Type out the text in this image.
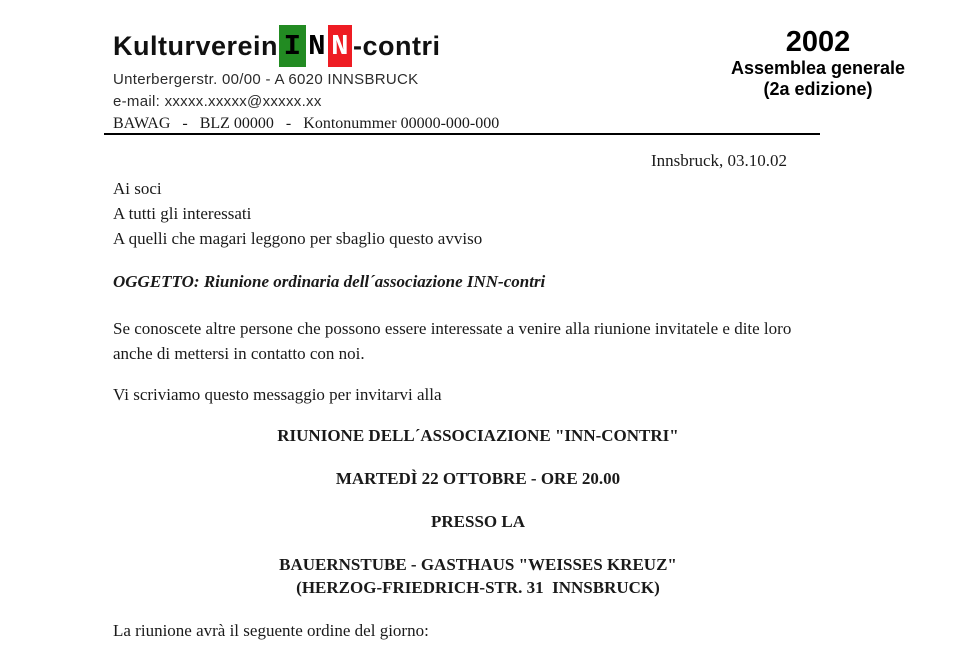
Kulturverein I N N -contri
Unterbergerstr. 00/00 - A 6020 INNSBRUCK
e-mail: xxxxx.xxxxx@xxxxx.xx
BAWAG   -   BLZ 00000   -   Kontonummer 00000-000-000
2002
Assemblea generale
(2a edizione)
Innsbruck, 03.10.02
Ai soci
A tutti gli interessati
A quelli che magari leggono per sbaglio questo avviso
OGGETTO: Riunione ordinaria dell´associazione INN-contri
Se conoscete altre persone che possono essere interessate a venire alla riunione invitatele e dite loro anche di mettersi in contatto con noi.
Vi scriviamo questo messaggio per invitarvi alla
RIUNIONE DELL´ASSOCIAZIONE "INN-CONTRI"
MARTEDÌ 22 OTTOBRE - ORE 20.00
PRESSO LA
BAUERNSTUBE - GASTHAUS "WEISSES KREUZ"
(HERZOG-FRIEDRICH-STR. 31  INNSBRUCK)
La riunione avrà il seguente ordine del giorno:
